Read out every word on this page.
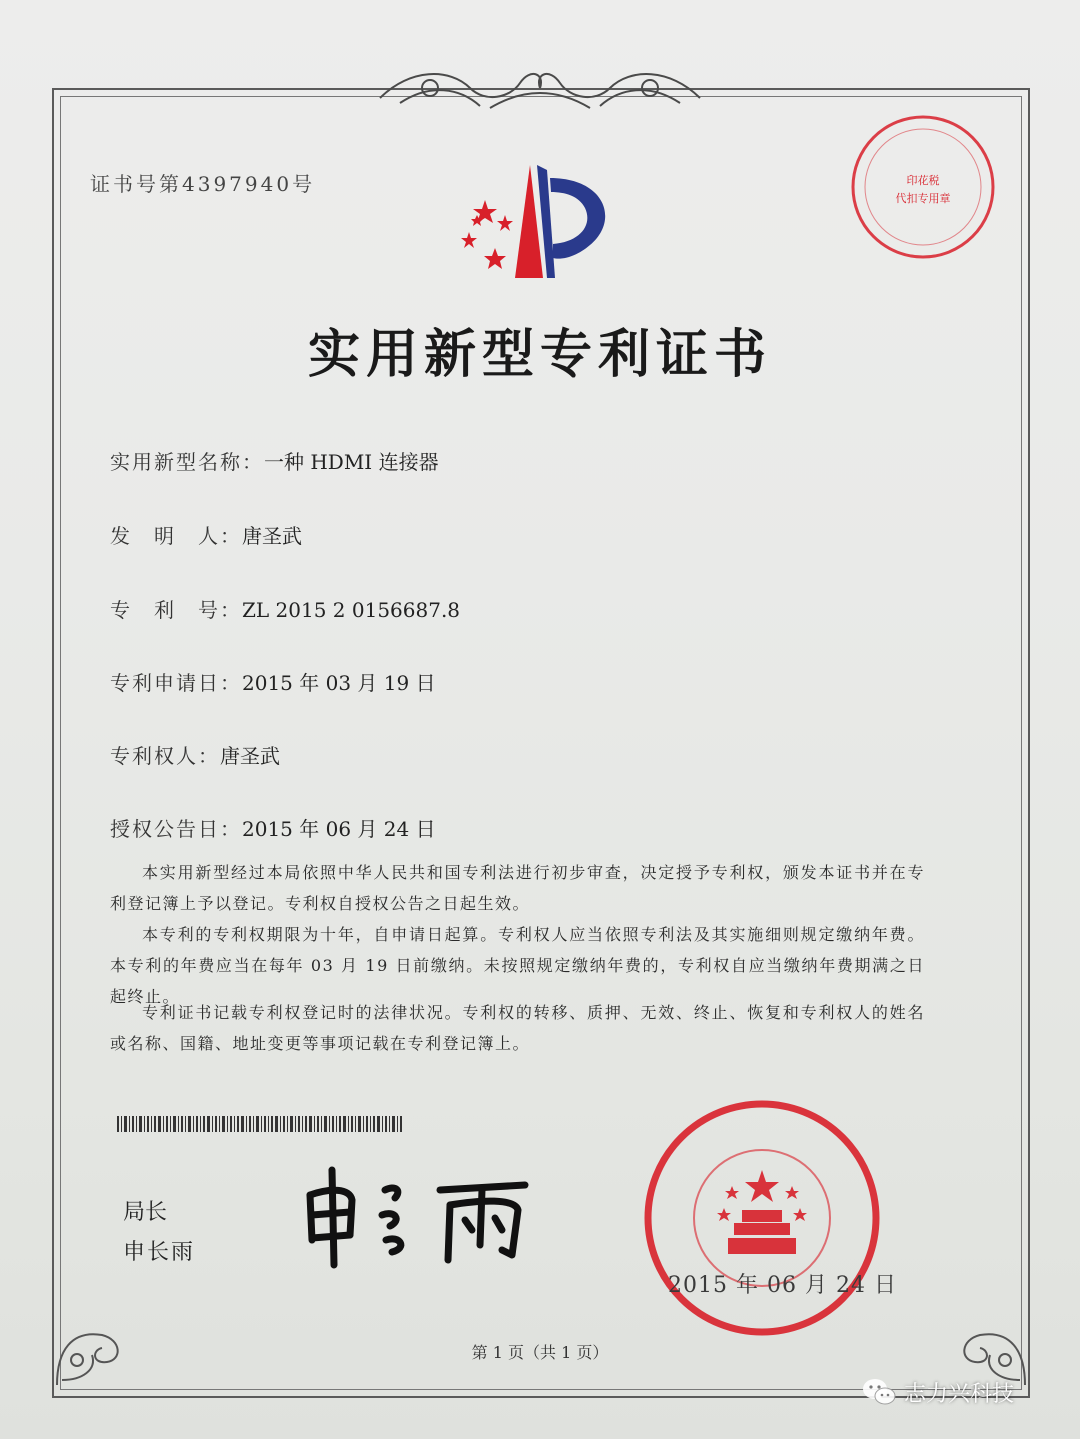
证书号第4397940号	印花税
代扣专用章
实用新型专利证书
实用新型名称：一种 HDMI 连接器
发　明　人：唐圣武
专　利　号：ZL 2015 2 0156687.8
专利申请日：2015 年 03 月 19 日
专利权人：唐圣武
授权公告日：2015 年 06 月 24 日
本实用新型经过本局依照中华人民共和国专利法进行初步审查，决定授予专利权，颁发本证书并在专利登记簿上予以登记。专利权自授权公告之日起生效。
本专利的专利权期限为十年，自申请日起算。专利权人应当依照专利法及其实施细则规定缴纳年费。本专利的年费应当在每年 03 月 19 日前缴纳。未按照规定缴纳年费的，专利权自应当缴纳年费期满之日起终止。
专利证书记载专利权登记时的法律状况。专利权的转移、质押、无效、终止、恢复和专利权人的姓名或名称、国籍、地址变更等事项记载在专利登记簿上。
局长
申长雨
2015 年 06 月 24 日
第 1 页（共 1 页）
志力兴科技
